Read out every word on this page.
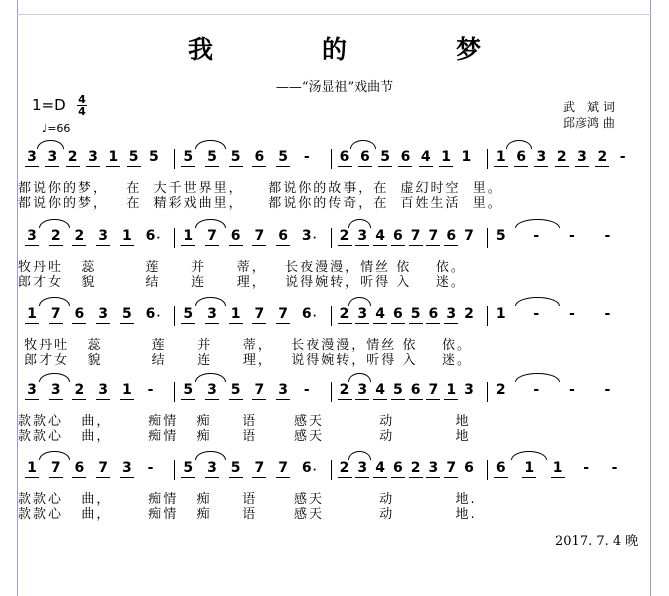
我　的　梦
——“汤显祖”戏曲节
1=D 4
4
♩=66
武　斌 词
邱彦鸿 曲
3 3 2 3 1 5 5 5 5 5 6 5 - 6 6 5 6 4 1 1 1 6 3 2 3 2 -
都说你的梦，   在  大千世界里，    都说你的故事，在  虚幻时空  里。
都说你的梦，   在  精彩戏曲里，    都说你的传奇，在  百姓生活  里。
3 2 2 3 1 6 · 1 7 6 7 6 3 · 2 3 4 6 7 7 6 7 5 - - -
牧丹吐   蕊        莲     并     蒂，   长夜漫漫，情丝 依    依。
郎才女   貌        结     连     理，   说得婉转，听得 入    迷。
1 7 6 3 5 6 · 5 3 1 7 7 6 · 2 3 4 6 5 6 3 2 1 - - -
牧丹吐   蕊        莲     并     蒂，   长夜漫漫，情丝 依    依。
郎才女   貌        结     连     理，   说得婉转，听得 入    迷。
3 3 2 3 1 - 5 3 5 7 3 - 2 3 4 5 6 7 1 3 2 - - -
款款心   曲，      痴情   痴     语      感天         动          地
款款心   曲，      痴情   痴     语      感天         动          地
1 7 6 7 3 - 5 3 5 7 7 6 · 2 3 4 6 2 3 7 6 6 1 1 - -
款款心   曲，      痴情   痴     语      感天         动          地.
款款心   曲，      痴情   痴     语      感天         动          地.
2017. 7. 4 晚
